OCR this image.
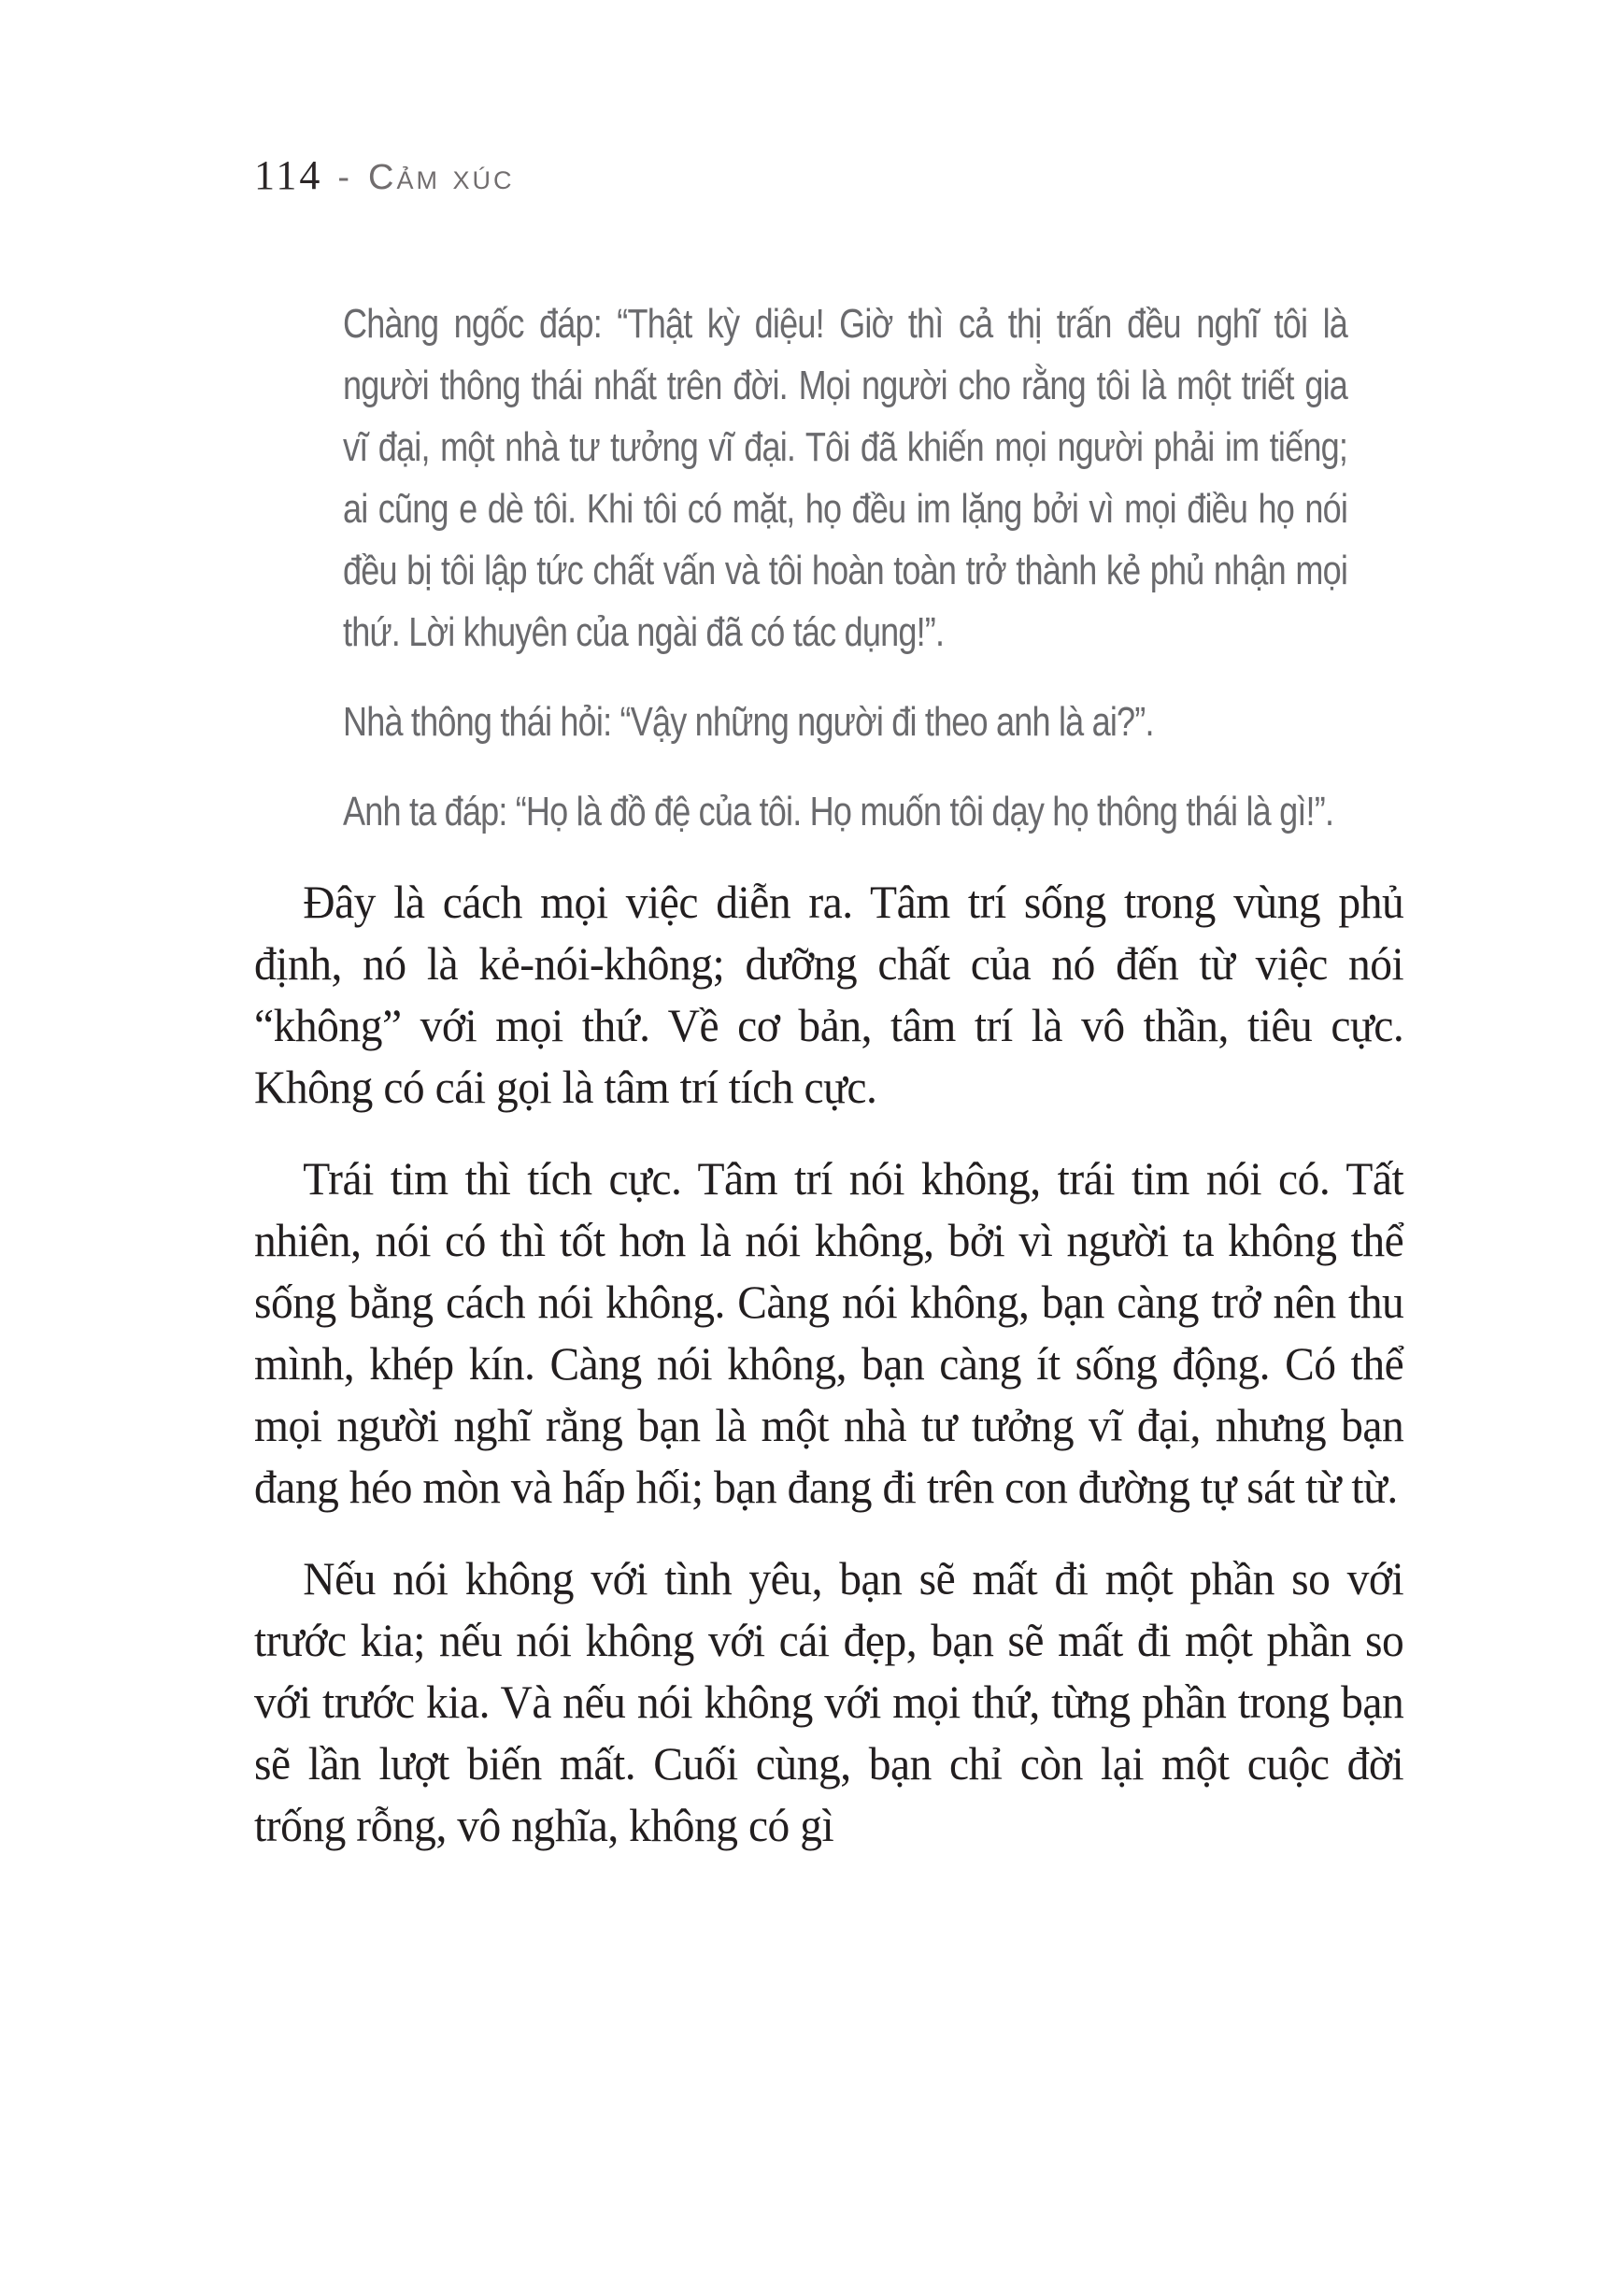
114 - Cảm xúc

Chàng ngốc đáp: “Thật kỳ diệu! Giờ thì cả thị trấn đều nghĩ tôi là người thông thái nhất trên đời. Mọi người cho rằng tôi là một triết gia vĩ đại, một nhà tư tưởng vĩ đại. Tôi đã khiến mọi người phải im tiếng; ai cũng e dè tôi. Khi tôi có mặt, họ đều im lặng bởi vì mọi điều họ nói đều bị tôi lập tức chất vấn và tôi hoàn toàn trở thành kẻ phủ nhận mọi thứ. Lời khuyên của ngài đã có tác dụng!”.

Nhà thông thái hỏi: “Vậy những người đi theo anh là ai?”.

Anh ta đáp: “Họ là đồ đệ của tôi. Họ muốn tôi dạy họ thông thái là gì!”.

Đây là cách mọi việc diễn ra. Tâm trí sống trong vùng phủ định, nó là kẻ-nói-không; dưỡng chất của nó đến từ việc nói “không” với mọi thứ. Về cơ bản, tâm trí là vô thần, tiêu cực. Không có cái gọi là tâm trí tích cực.

Trái tim thì tích cực. Tâm trí nói không, trái tim nói có. Tất nhiên, nói có thì tốt hơn là nói không, bởi vì người ta không thể sống bằng cách nói không. Càng nói không, bạn càng trở nên thu mình, khép kín. Càng nói không, bạn càng ít sống động. Có thể mọi người nghĩ rằng bạn là một nhà tư tưởng vĩ đại, nhưng bạn đang héo mòn và hấp hối; bạn đang đi trên con đường tự sát từ từ.

Nếu nói không với tình yêu, bạn sẽ mất đi một phần so với trước kia; nếu nói không với cái đẹp, bạn sẽ mất đi một phần so với trước kia. Và nếu nói không với mọi thứ, từng phần trong bạn sẽ lần lượt biến mất. Cuối cùng, bạn chỉ còn lại một cuộc đời trống rỗng, vô nghĩa, không có gì
